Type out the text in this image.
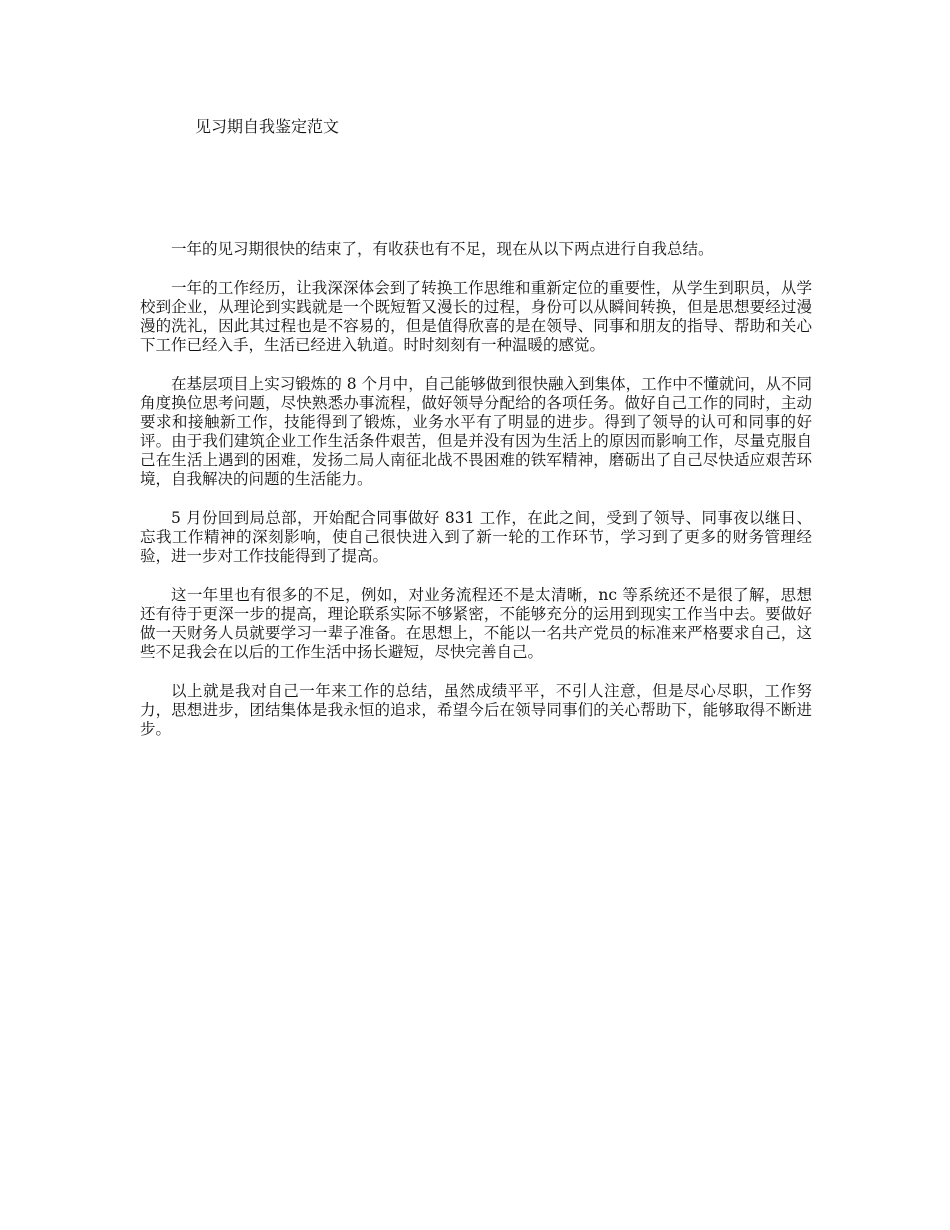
见习期自我鉴定范文

一年的见习期很快的结束了，有收获也有不足，现在从以下两点进行自我总结。

一年的工作经历，让我深深体会到了转换工作思维和重新定位的重要性，从学生到职员，从学校到企业，从理论到实践就是一个既短暂又漫长的过程，身份可以从瞬间转换，但是思想要经过漫漫的洗礼，因此其过程也是不容易的，但是值得欣喜的是在领导、同事和朋友的指导、帮助和关心下工作已经入手，生活已经进入轨道。时时刻刻有一种温暖的感觉。

在基层项目上实习锻炼的 8 个月中，自己能够做到很快融入到集体，工作中不懂就问，从不同角度换位思考问题，尽快熟悉办事流程，做好领导分配给的各项任务。做好自己工作的同时，主动要求和接触新工作，技能得到了锻炼，业务水平有了明显的进步。得到了领导的认可和同事的好评。由于我们建筑企业工作生活条件艰苦，但是并没有因为生活上的原因而影响工作，尽量克服自己在生活上遇到的困难，发扬二局人南征北战不畏困难的铁军精神，磨砺出了自己尽快适应艰苦环境，自我解决的问题的生活能力。

5 月份回到局总部，开始配合同事做好 831 工作，在此之间，受到了领导、同事夜以继日、忘我工作精神的深刻影响，使自己很快进入到了新一轮的工作环节，学习到了更多的财务管理经验，进一步对工作技能得到了提高。

这一年里也有很多的不足，例如，对业务流程还不是太清晰，nc 等系统还不是很了解，思想还有待于更深一步的提高，理论联系实际不够紧密，不能够充分的运用到现实工作当中去。要做好做一天财务人员就要学习一辈子准备。在思想上，不能以一名共产党员的标准来严格要求自己，这些不足我会在以后的工作生活中扬长避短，尽快完善自己。

以上就是我对自己一年来工作的总结，虽然成绩平平，不引人注意，但是尽心尽职，工作努力，思想进步，团结集体是我永恒的追求，希望今后在领导同事们的关心帮助下，能够取得不断进步。
